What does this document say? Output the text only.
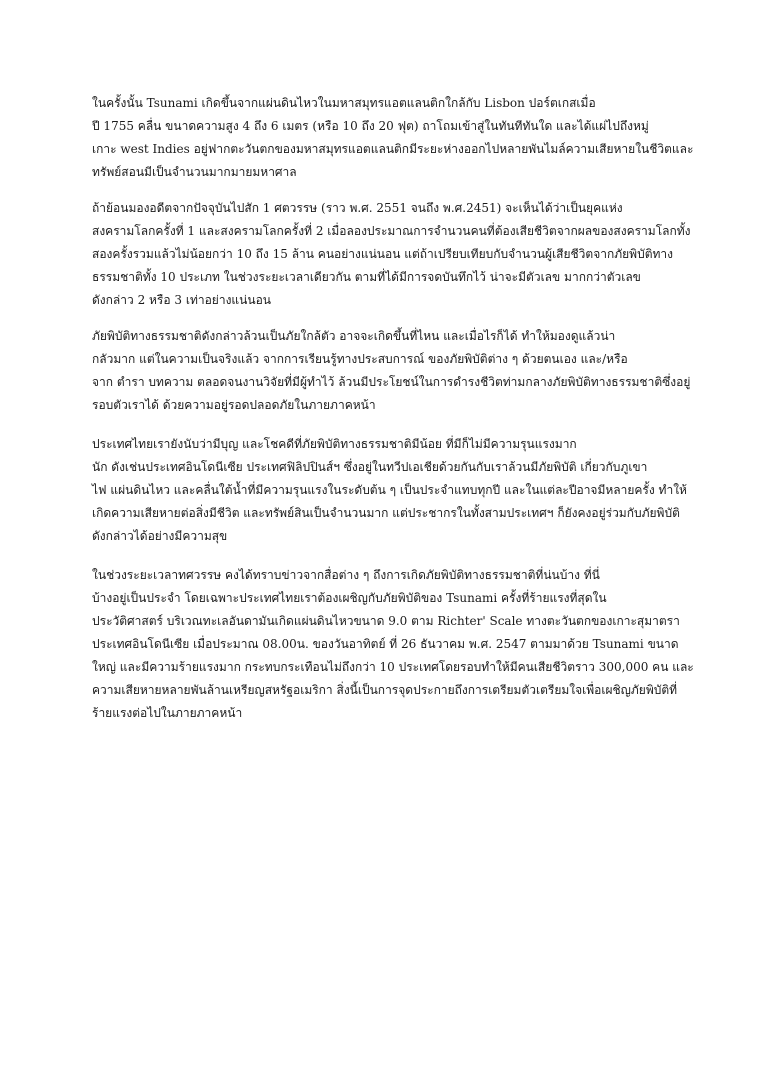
ในครั้งนั้น Tsunami เกิดขึ้นจากแผ่นดินไหวในมหาสมุทรแอตแลนติกใกล้กับ Lisbon ปอร์ตเกสเมื่อ
ปี 1755 คลื่น ขนาดความสูง 4 ถึง 6 เมตร (หรือ 10 ถึง 20 ฟุต) ถาโถมเข้าสู่ในทันทีทันใด และได้แผ่ไปถึงหมู่
เกาะ west Indies อยู่ฟากตะวันตกของมหาสมุทรแอตแลนติกมีระยะห่างออกไปหลายพันไมล์ความเสียหายในชีวิตและ
ทรัพย์สอนมีเป็นจำนวนมากมายมหาศาล

ถ้าย้อนมองอดีตจากปัจจุบันไปสัก 1 ศตวรรษ (ราว พ.ศ. 2551 จนถึง พ.ศ.2451) จะเห็นได้ว่าเป็นยุคแห่ง
สงครามโลกครั้งที่ 1 และสงครามโลกครั้งที่ 2 เมื่อลองประมาณการจำนวนคนที่ต้องเสียชีวิตจากผลของสงครามโลกทั้ง
สองครั้งรวมแล้วไม่น้อยกว่า 10 ถึง 15 ล้าน คนอย่างแน่นอน แต่ถ้าเปรียบเทียบกับจำนวนผู้เสียชีวิตจากภัยพิบัติทาง
ธรรมชาติทั้ง 10 ประเภท ในช่วงระยะเวลาเดียวกัน ตามที่ได้มีการจดบันทึกไว้ น่าจะมีตัวเลข มากกว่าตัวเลข
ดังกล่าว 2 หรือ 3 เท่าอย่างแน่นอน

ภัยพิบัติทางธรรมชาติดังกล่าวล้วนเป็นภัยใกล้ตัว อาจจะเกิดขึ้นที่ไหน และเมื่อไรก็ได้ ทำให้มองดูแล้วน่า
กลัวมาก แต่ในความเป็นจริงแล้ว จากการเรียนรู้ทางประสบการณ์ ของภัยพิบัติต่าง ๆ ด้วยตนเอง และ/หรือ
จาก ตำรา บทความ ตลอดจนงานวิจัยที่มีผู้ทำไว้ ล้วนมีประโยชน์ในการดำรงชีวิตท่ามกลางภัยพิบัติทางธรรมชาติซึ่งอยู่
รอบตัวเราได้ ด้วยความอยู่รอดปลอดภัยในภายภาคหน้า

ประเทศไทยเรายังนับว่ามีบุญ และโชคดีที่ภัยพิบัติทางธรรมชาติมีน้อย ที่มีก็ไม่มีความรุนแรงมาก
นัก ดังเช่นประเทศอินโดนีเซีย ประเทศฟิลิปปินส์ฯ ซึ่งอยู่ในทวีปเอเชียด้วยกันกับเราล้วนมีภัยพิบัติ เกี่ยวกับภูเขา
ไฟ แผ่นดินไหว และคลื่นใต้น้ำที่มีความรุนแรงในระดับต้น ๆ เป็นประจำแทบทุกปี และในแต่ละปีอาจมีหลายครั้ง ทำให้
เกิดความเสียหายต่อสิ่งมีชีวิต และทรัพย์สินเป็นจำนวนมาก แต่ประชากรในทั้งสามประเทศฯ ก็ยังคงอยู่ร่วมกับภัยพิบัติ
ดังกล่าวได้อย่างมีความสุข

ในช่วงระยะเวลาทศวรรษ คงได้ทราบข่าวจากสื่อต่าง ๆ ถึงการเกิดภัยพิบัติทางธรรมชาติที่น่นบ้าง ที่นี่
บ้างอยู่เป็นประจำ โดยเฉพาะประเทศไทยเราต้องเผชิญกับภัยพิบัติของ Tsunami ครั้งที่ร้ายแรงที่สุดใน
ประวัติศาสตร์ บริเวณทะเลอันดามันเกิดแผ่นดินไหวขนาด 9.0 ตาม Richter' Scale ทางตะวันตกของเกาะสุมาตรา
ประเทศอินโดนีเซีย เมื่อประมาณ 08.00น. ของวันอาทิตย์ ที่ 26 ธันวาคม พ.ศ. 2547 ตามมาด้วย Tsunami ขนาด
ใหญ่ และมีความร้ายแรงมาก กระทบกระเทือนไม่ถึงกว่า 10 ประเทศโดยรอบทำให้มีคนเสียชีวิตราว 300,000 คน และ
ความเสียหายหลายพันล้านเหรียญสหรัฐอเมริกา สิ่งนี้เป็นการจุดประกายถึงการเตรียมตัวเตรียมใจเพื่อเผชิญภัยพิบัติที่
ร้ายแรงต่อไปในภายภาคหน้า
